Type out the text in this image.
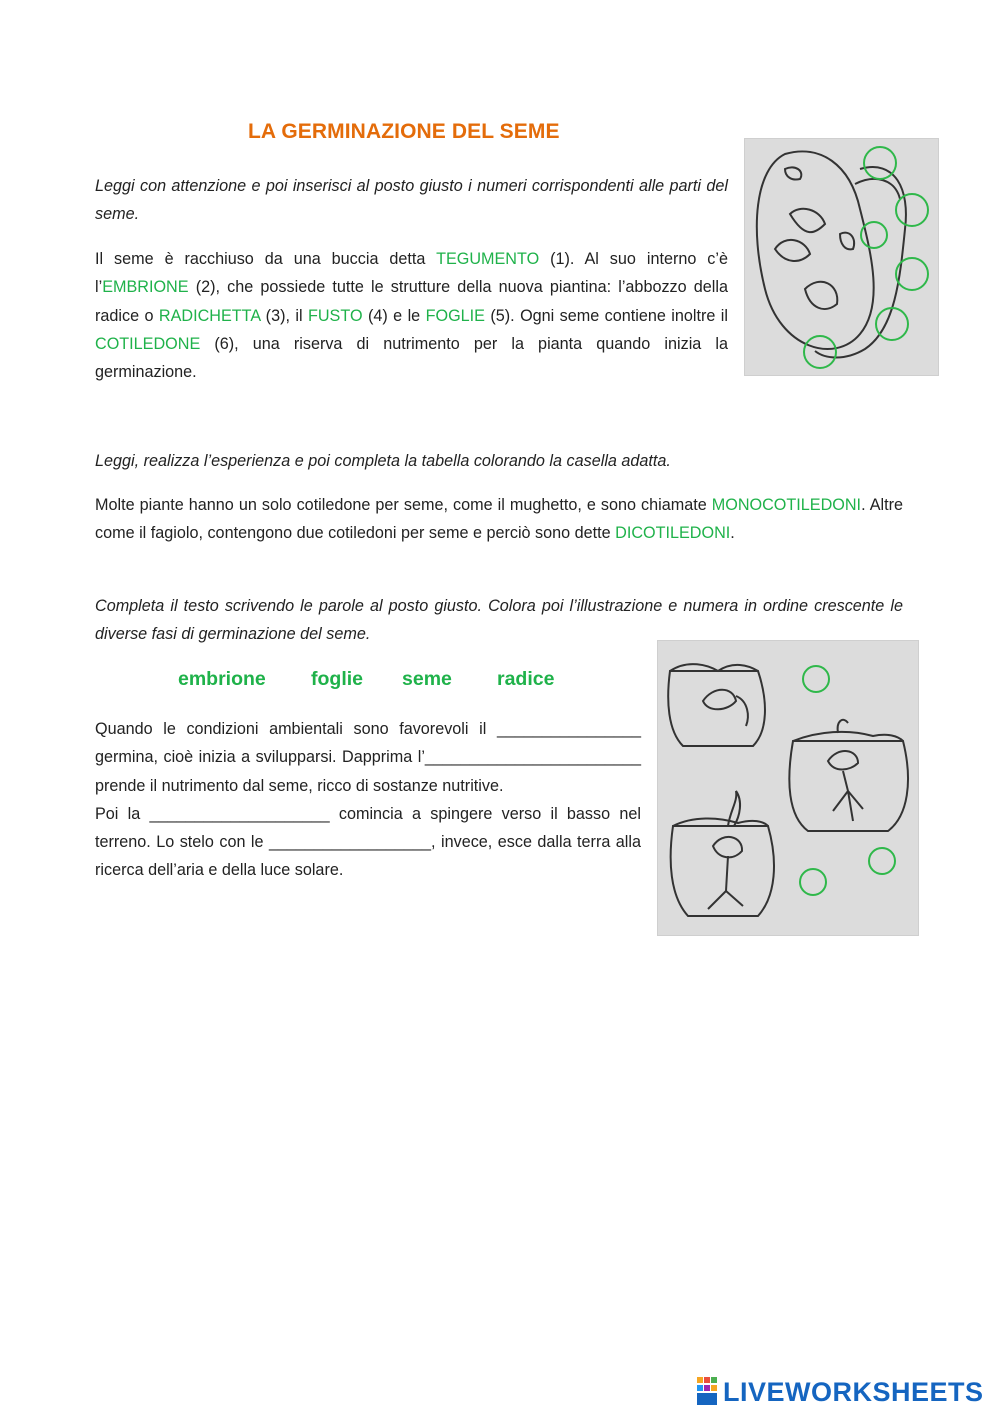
LA GERMINAZIONE DEL SEME

Leggi con attenzione e poi inserisci al posto giusto i numeri corrispondenti alle parti del seme.

Il seme è racchiuso da una buccia detta TEGUMENTO (1). Al suo interno c’è l’EMBRIONE (2), che possiede tutte le strutture della nuova piantina: l’abbozzo della radice o RADICHETTA (3), il FUSTO (4) e le FOGLIE (5). Ogni seme contiene inoltre il COTILEDONE (6), una riserva di nutrimento per la pianta quando inizia la germinazione.

Leggi, realizza l’esperienza e poi completa la tabella colorando la casella adatta.

Molte piante hanno un solo cotiledone per seme, come il mughetto, e sono chiamate MONOCOTILEDONI. Altre come il fagiolo, contengono due cotiledoni per seme e perciò sono dette DICOTILEDONI.

Completa il testo scrivendo le parole al posto giusto. Colora poi l’illustrazione e numera in ordine crescente le diverse fasi di germinazione del seme.

embrione foglie seme radice

Quando le condizioni ambientali sono favorevoli il ________________ germina, cioè inizia a svilupparsi. Dapprima l’________________________ prende il nutrimento dal seme, ricco di sostanze nutritive.
Poi la ____________________ comincia a spingere verso il basso nel terreno. Lo stelo con le __________________, invece, esce dalla terra alla ricerca dell’aria e della luce solare.

LIVEWORKSHEETS
